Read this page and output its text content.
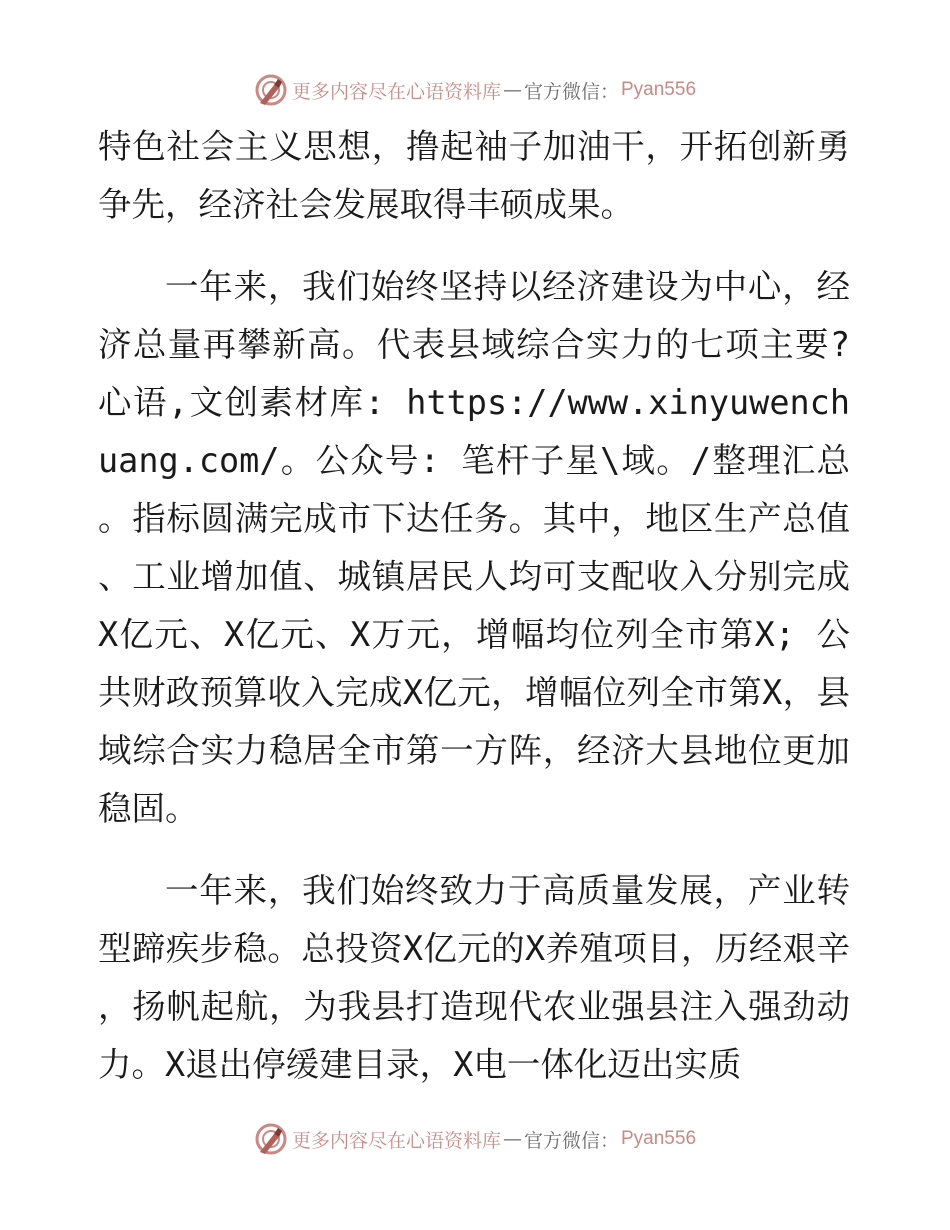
更多内容尽在心语资料库 — 官方微信： Pyan556

特色社会主义思想，撸起袖子加油干，开拓创新勇争先，经济社会发展取得丰硕成果。

一年来，我们始终坚持以经济建设为中心，经济总量再攀新高。代表县域综合实力的七项主要?心语,文创素材库: https://www.xinyuwenchuang.com/。公众号: 笔杆子星\域。/整理汇总。指标圆满完成市下达任务。其中，地区生产总值、工业增加值、城镇居民人均可支配收入分别完成X亿元、X亿元、X万元，增幅均位列全市第X; 公共财政预算收入完成X亿元，增幅位列全市第X，县域综合实力稳居全市第一方阵，经济大县地位更加稳固。

一年来，我们始终致力于高质量发展，产业转型蹄疾步稳。总投资X亿元的X养殖项目，历经艰辛，扬帆起航，为我县打造现代农业强县注入强劲动力。X退出停缓建目录，X电一体化迈出实质

更多内容尽在心语资料库 — 官方微信： Pyan556
